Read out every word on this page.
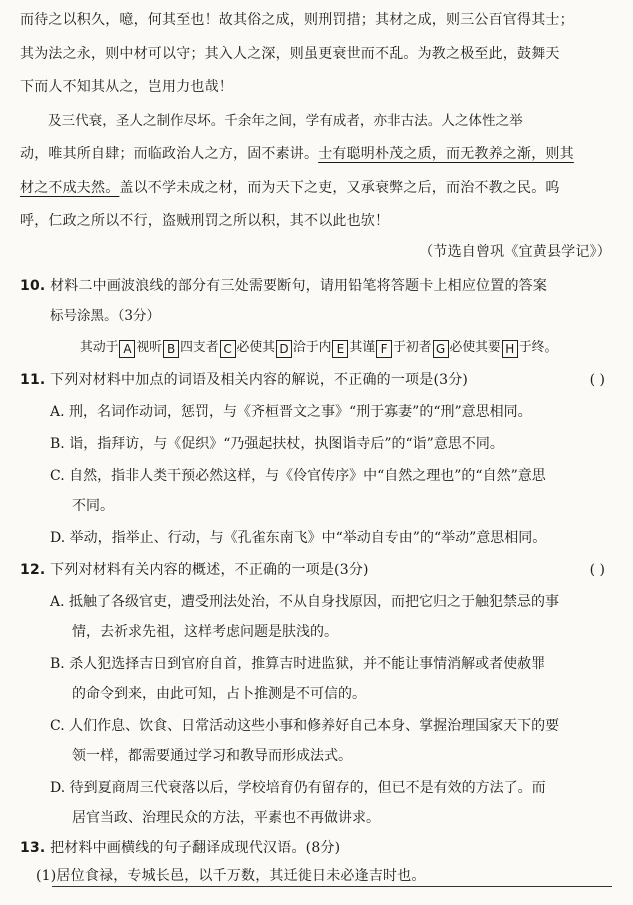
而待之以积久，噫，何其至也！故其俗之成，则刑罚措；其材之成，则三公百官得其士；

其为法之永，则中材可以守；其入人之深，则虽更衰世而不乱。为教之极至此，鼓舞天

下而人不知其从之，岂用力也哉！

及三代衰，圣人之制作尽坏。千余年之间，学有成者，亦非古法。人之体性之举

动，唯其所自肆；而临政治人之方，固不素讲。士有聪明朴茂之质，而无教养之渐，则其

材之不成夫然。盖以不学未成之材，而为天下之吏，又承衰弊之后，而治不教之民。呜

呼，仁政之所以不行，盗贼刑罚之所以积，其不以此也欤！

（节选自曾巩《宜黄县学记》）

10. 材料二中画波浪线的部分有三处需要断句，请用铅笔将答题卡上相应位置的答案

标号涂黑。（3分）

其动于 A 视听 B 四支者 C 必使其 D 洽于内 E 其谨 F 于初者 G 必使其要 H 于终。

11. 下列对材料中加点的词语及相关内容的解说，不正确的一项是(3分)	( )

A. 刑，名词作动词，惩罚，与《齐桓晋文之事》“刑于寡妻”的“刑”意思相同。

B. 诣，指拜访，与《促织》“乃强起扶杖，执图诣寺后”的“诣”意思不同。

C. 自然，指非人类干预必然这样，与《伶官传序》中“自然之理也”的“自然”意思

不同。

D. 举动，指举止、行动，与《孔雀东南飞》中“举动自专由”的“举动”意思相同。

12. 下列对材料有关内容的概述，不正确的一项是(3分)	( )

A. 抵触了各级官吏，遭受刑法处治，不从自身找原因，而把它归之于触犯禁忌的事

情，去祈求先祖，这样考虑问题是肤浅的。

B. 杀人犯选择吉日到官府自首，推算吉时进监狱，并不能让事情消解或者使赦罪

的命令到来，由此可知，占卜推测是不可信的。

C. 人们作息、饮食、日常活动这些小事和修养好自己本身、掌握治理国家天下的要

领一样，都需要通过学习和教导而形成法式。

D. 待到夏商周三代衰落以后，学校培育仍有留存的，但已不是有效的方法了。而

居官当政、治理民众的方法，平素也不再做讲求。

13. 把材料中画横线的句子翻译成现代汉语。(8分)

(1)居位食禄，专城长邑，以千万数，其迁徙日未必逢吉时也。
